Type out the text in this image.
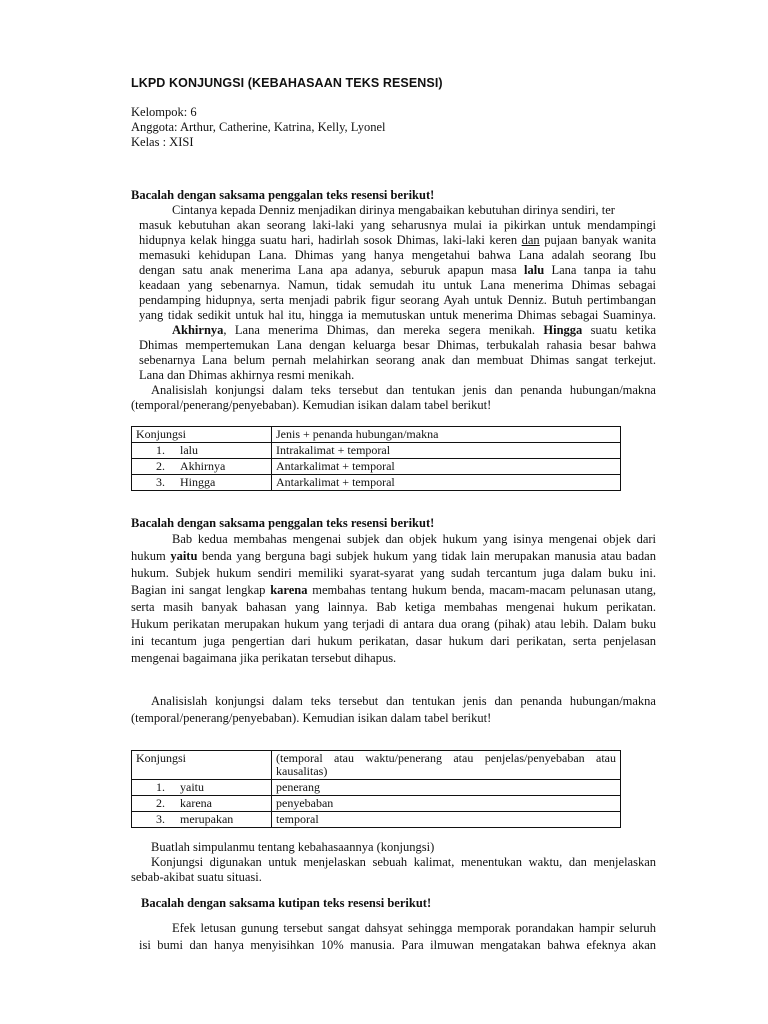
LKPD KONJUNGSI (KEBAHASAAN TEKS RESENSI)
Kelompok: 6
Anggota: Arthur, Catherine, Katrina, Kelly, Lyonel
Kelas : XISI
Bacalah dengan saksama penggalan teks resensi berikut!
Cintanya kepada Denniz menjadikan dirinya mengabaikan kebutuhan dirinya sendiri, ter
masuk kebutuhan akan seorang laki-laki yang seharusnya mulai ia pikirkan untuk mendampingi
hidupnya kelak hingga suatu hari, hadirlah sosok Dhimas, laki-laki keren dan pujaan banyak wanita
memasuki kehidupan Lana. Dhimas yang hanya mengetahui bahwa Lana adalah seorang Ibu
dengan satu anak menerima Lana apa adanya, seburuk apapun masa lalu Lana tanpa ia tahu
keadaan yang sebenarnya. Namun, tidak semudah itu untuk Lana menerima Dhimas sebagai
pendamping hidupnya, serta menjadi pabrik figur seorang Ayah untuk Denniz. Butuh pertimbangan
yang tidak sedikit untuk hal itu, hingga ia memutuskan untuk menerima Dhimas sebagai Suaminya.
Akhirnya, Lana menerima Dhimas, dan mereka segera menikah. Hingga suatu ketika
Dhimas mempertemukan Lana dengan keluarga besar Dhimas, terbukalah rahasia besar bahwa
sebenarnya Lana belum pernah melahirkan seorang anak dan membuat Dhimas sangat terkejut.
Lana dan Dhimas akhirnya resmi menikah.
Analisislah konjungsi dalam teks tersebut dan tentukan jenis dan penanda hubungan/makna
(temporal/penerang/penyebaban). Kemudian isikan dalam tabel berikut!
Konjungsi	Jenis + penanda hubungan/makna
1. lalu	Intrakalimat + temporal
2. Akhirnya	Antarkalimat + temporal
3. Hingga	Antarkalimat + temporal
Bacalah dengan saksama penggalan teks resensi berikut!
Bab kedua membahas mengenai subjek dan objek hukum yang isinya mengenai objek dari
hukum yaitu benda yang berguna bagi subjek hukum yang tidak lain merupakan manusia atau badan
hukum. Subjek hukum sendiri memiliki syarat-syarat yang sudah tercantum juga dalam buku ini.
Bagian ini sangat lengkap karena membahas tentang hukum benda, macam-macam pelunasan utang,
serta masih banyak bahasan yang lainnya. Bab ketiga membahas mengenai hukum perikatan.
Hukum perikatan merupakan hukum yang terjadi di antara dua orang (pihak) atau lebih. Dalam buku
ini tecantum juga pengertian dari hukum perikatan, dasar hukum dari perikatan, serta penjelasan
mengenai bagaimana jika perikatan tersebut dihapus.
Analisislah konjungsi dalam teks tersebut dan tentukan jenis dan penanda hubungan/makna
(temporal/penerang/penyebaban). Kemudian isikan dalam tabel berikut!
Konjungsi	(temporal atau waktu/penerang atau penjelas/penyebaban atau kausalitas)
1. yaitu	penerang
2. karena	penyebaban
3. merupakan	temporal
Buatlah simpulanmu tentang kebahasaannya (konjungsi)
Konjungsi digunakan untuk menjelaskan sebuah kalimat, menentukan waktu, dan menjelaskan
sebab-akibat suatu situasi.
Bacalah dengan saksama kutipan teks resensi berikut!
Efek letusan gunung tersebut sangat dahsyat sehingga memporak porandakan hampir seluruh
isi bumi dan hanya menyisihkan 10% manusia. Para ilmuwan mengatakan bahwa efeknya akan
